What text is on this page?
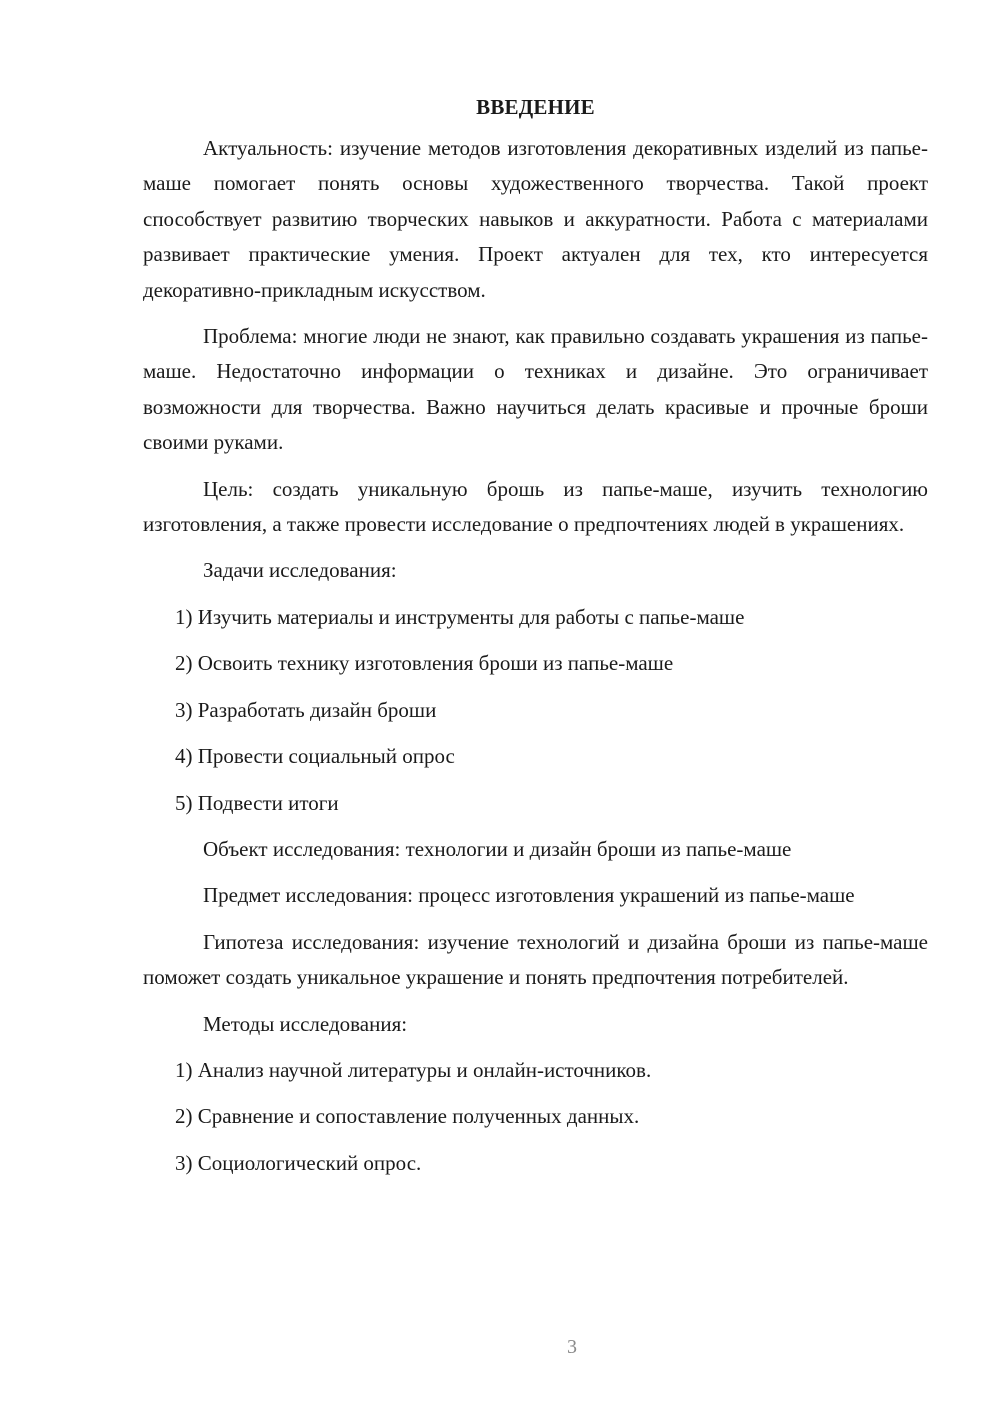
ВВЕДЕНИЕ

Актуальность: изучение методов изготовления декоративных изделий из папье-маше помогает понять основы художественного творчества. Такой проект способствует развитию творческих навыков и аккуратности. Работа с материалами развивает практические умения. Проект актуален для тех, кто интересуется декоративно-прикладным искусством.

Проблема: многие люди не знают, как правильно создавать украшения из папье-маше. Недостаточно информации о техниках и дизайне. Это ограничивает возможности для творчества. Важно научиться делать красивые и прочные броши своими руками.

Цель: создать уникальную брошь из папье-маше, изучить технологию изготовления, а также провести исследование о предпочтениях людей в украшениях.

Задачи исследования:

1) Изучить материалы и инструменты для работы с папье-маше

2) Освоить технику изготовления броши из папье-маше

3) Разработать дизайн броши

4) Провести социальный опрос

5) Подвести итоги

Объект исследования: технологии и дизайн броши из папье-маше

Предмет исследования: процесс изготовления украшений из папье-маше

Гипотеза исследования: изучение технологий и дизайна броши из папье-маше поможет создать уникальное украшение и понять предпочтения потребителей.

Методы исследования:

1) Анализ научной литературы и онлайн-источников.

2) Сравнение и сопоставление полученных данных.

3) Социологический опрос.

3
